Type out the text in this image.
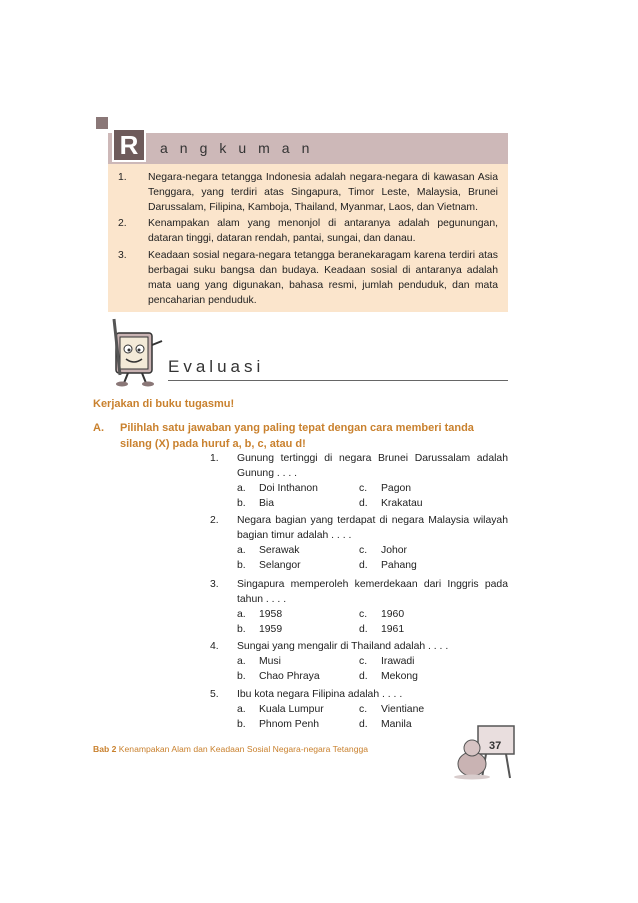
R	angkuman
1.	Negara-negara tetangga Indonesia adalah negara-negara di kawasan Asia Tenggara, yang terdiri atas Singapura, Timor Leste, Malaysia, Brunei Darussalam, Filipina, Kamboja, Thailand, Myanmar, Laos, dan Vietnam.
2.	Kenampakan alam yang menonjol di antaranya adalah pegunungan, dataran tinggi, dataran rendah, pantai, sungai, dan danau.
3.	Keadaan sosial negara-negara tetangga beranekaragam karena terdiri atas berbagai suku bangsa dan budaya. Keadaan sosial di antaranya adalah mata uang yang digunakan, bahasa resmi, jumlah penduduk, dan mata pencaharian penduduk.
Evaluasi
Kerjakan di buku tugasmu!
A.	Pilihlah satu jawaban yang paling tepat dengan cara memberi tanda silang (X) pada huruf a, b, c, atau d!
1.	Gunung tertinggi di negara Brunei Darussalam adalah Gunung . . . .
a.	Doi Inthanon	c.	Pagon
b.	Bia	d.	Krakatau
2.	Negara bagian yang terdapat di negara Malaysia wilayah bagian timur adalah . . . .
a.	Serawak	c.	Johor
b.	Selangor	d.	Pahang
3.	Singapura memperoleh kemerdekaan dari Inggris pada tahun . . . .
a.	1958	c.	1960
b.	1959	d.	1961
4.	Sungai yang mengalir di Thailand adalah . . . .
a.	Musi	c.	Irawadi
b.	Chao Phraya	d.	Mekong
5.	Ibu kota negara Filipina adalah . . . .
a.	Kuala Lumpur	c.	Vientiane
b.	Phnom Penh	d.	Manila
Bab 2 Kenampakan Alam dan Keadaan Sosial Negara-negara Tetangga	37
